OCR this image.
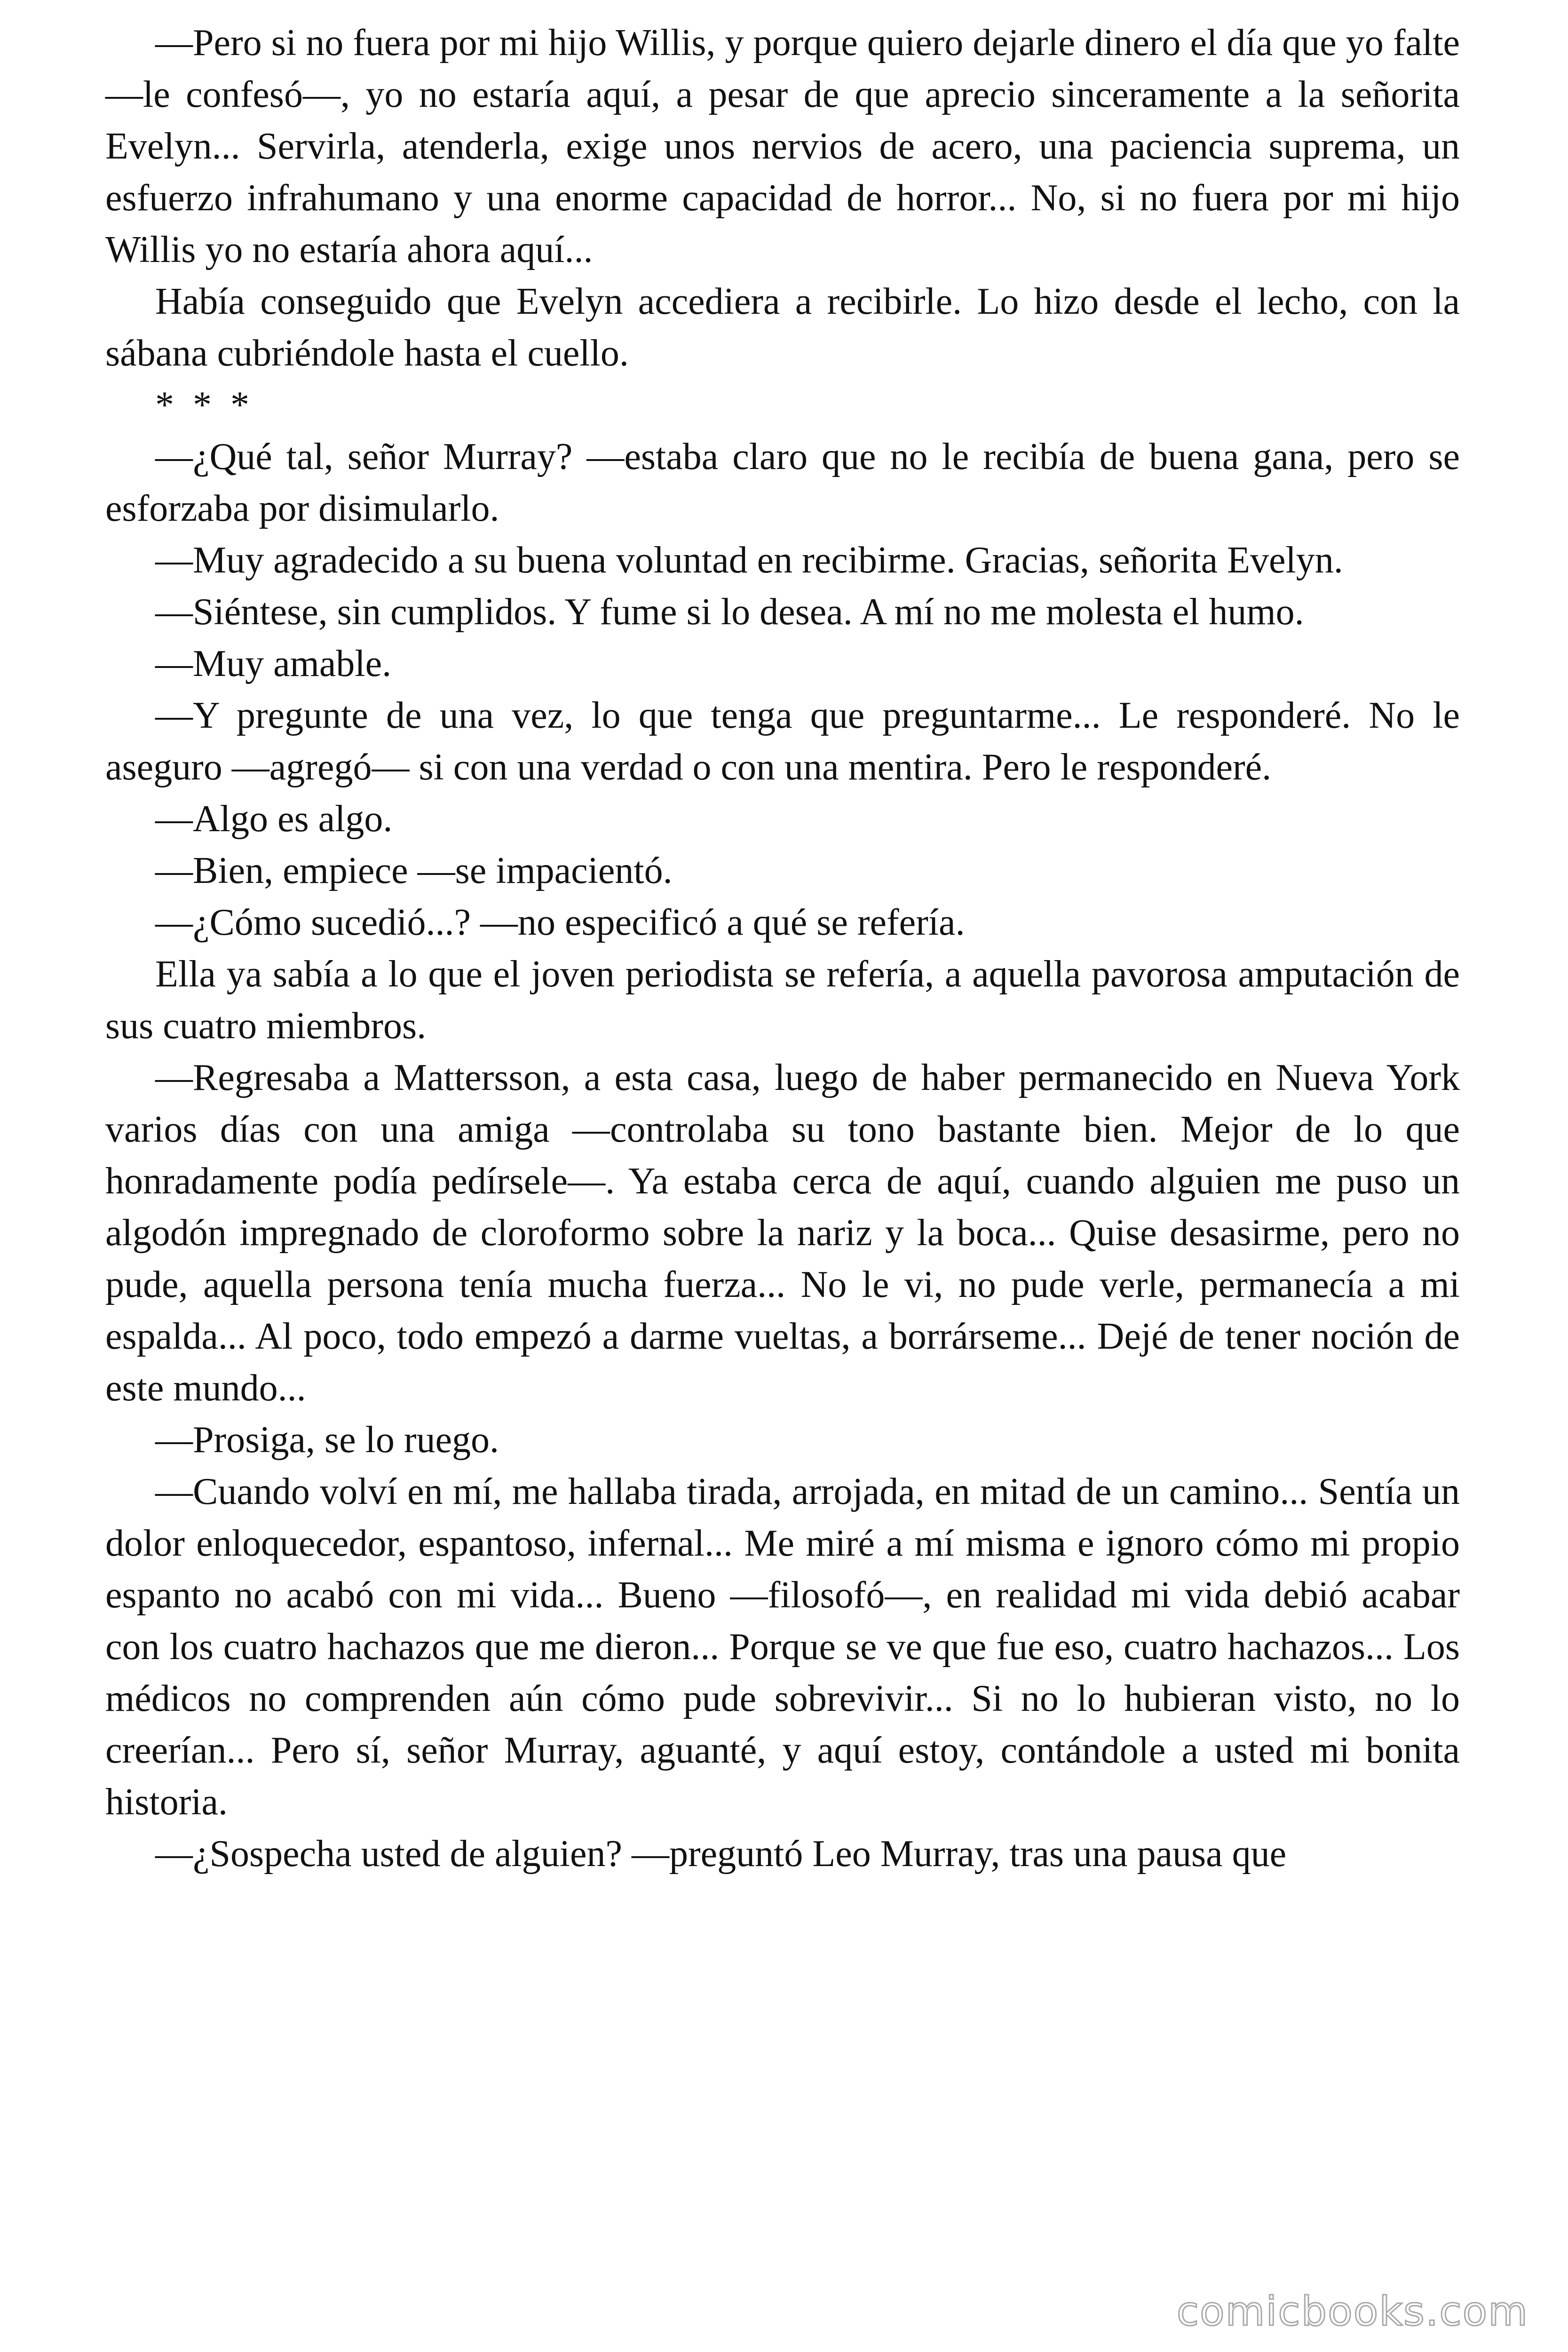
—Pero si no fuera por mi hijo Willis, y porque quiero dejarle dinero el día que yo falte —le confesó—, yo no estaría aquí, a pesar de que aprecio sinceramente a la señorita Evelyn... Servirla, atenderla, exige unos nervios de acero, una paciencia suprema, un esfuerzo infrahumano y una enorme capacidad de horror... No, si no fuera por mi hijo Willis yo no estaría ahora aquí...

Había conseguido que Evelyn accediera a recibirle. Lo hizo desde el lecho, con la sábana cubriéndole hasta el cuello.

* * *

—¿Qué tal, señor Murray? —estaba claro que no le recibía de buena gana, pero se esforzaba por disimularlo.

—Muy agradecido a su buena voluntad en recibirme. Gracias, señorita Evelyn.

—Siéntese, sin cumplidos. Y fume si lo desea. A mí no me molesta el humo.

—Muy amable.

—Y pregunte de una vez, lo que tenga que preguntarme... Le responderé. No le aseguro —agregó— si con una verdad o con una mentira. Pero le responderé.

—Algo es algo.

—Bien, empiece —se impacientó.

—¿Cómo sucedió...? —no especificó a qué se refería.

Ella ya sabía a lo que el joven periodista se refería, a aquella pavorosa amputación de sus cuatro miembros.

—Regresaba a Mattersson, a esta casa, luego de haber permanecido en Nueva York varios días con una amiga —controlaba su tono bastante bien. Mejor de lo que honradamente podía pedírsele—. Ya estaba cerca de aquí, cuando alguien me puso un algodón impregnado de cloroformo sobre la nariz y la boca... Quise desasirme, pero no pude, aquella persona tenía mucha fuerza... No le vi, no pude verle, permanecía a mi espalda... Al poco, todo empezó a darme vueltas, a borrárseme... Dejé de tener noción de este mundo...

—Prosiga, se lo ruego.

—Cuando volví en mí, me hallaba tirada, arrojada, en mitad de un camino... Sentía un dolor enloquecedor, espantoso, infernal... Me miré a mí misma e ignoro cómo mi propio espanto no acabó con mi vida... Bueno —filosofó—, en realidad mi vida debió acabar con los cuatro hachazos que me dieron... Porque se ve que fue eso, cuatro hachazos... Los médicos no comprenden aún cómo pude sobrevivir... Si no lo hubieran visto, no lo creerían... Pero sí, señor Murray, aguanté, y aquí estoy, contándole a usted mi bonita historia.

—¿Sospecha usted de alguien? —preguntó Leo Murray, tras una pausa que

comicbooks.com
